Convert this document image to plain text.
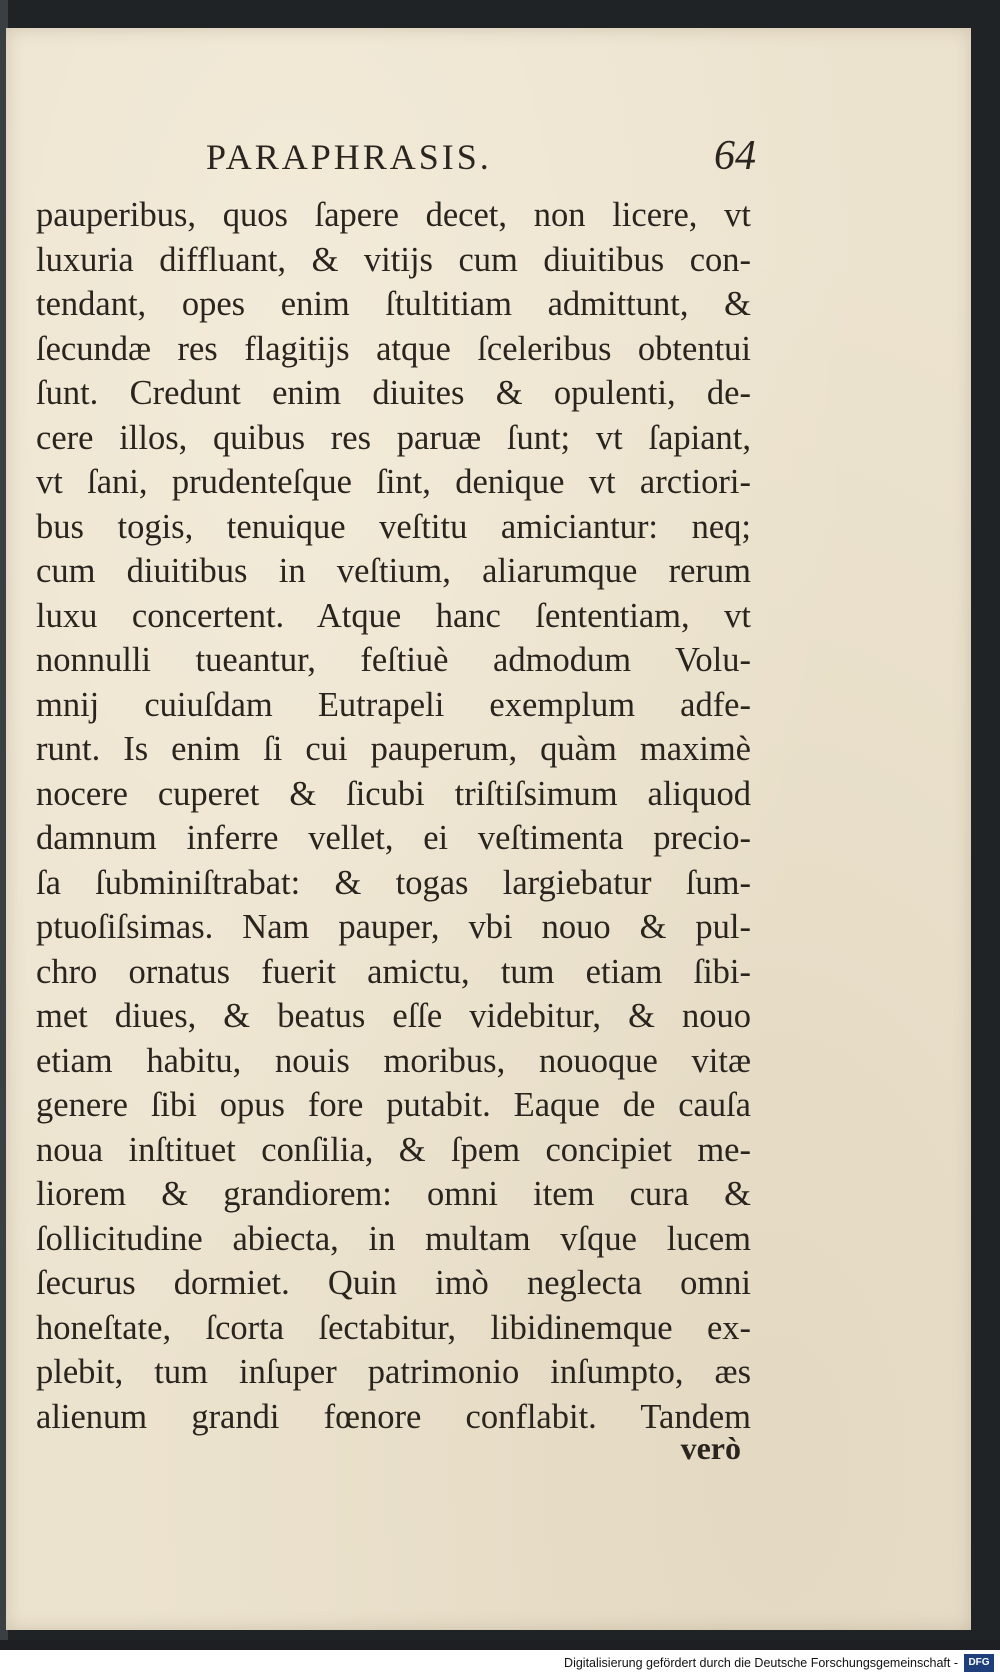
PARAPHRASIS.	64
pauperibus, quos ſapere decet, non licere, vt
luxuria diffluant, & vitijs cum diuitibus con-
tendant, opes enim ſtultitiam admittunt, &
ſecundæ res flagitijs atque ſceleribus obtentui
ſunt. Credunt enim diuites & opulenti, de-
cere illos, quibus res paruæ ſunt; vt ſapiant,
vt ſani, prudenteſque ſint, denique vt arctiori-
bus togis, tenuique veſtitu amiciantur: neq;
cum diuitibus in veſtium, aliarumque rerum
luxu concertent. Atque hanc ſententiam, vt
nonnulli tueantur, feſtiuè admodum Volu-
mnij cuiuſdam Eutrapeli exemplum adfe-
runt. Is enim ſi cui pauperum, quàm maximè
nocere cuperet & ſicubi triſtiſsimum aliquod
damnum inferre vellet, ei veſtimenta precio-
ſa ſubminiſtrabat: & togas largiebatur ſum-
ptuoſiſsimas. Nam pauper, vbi nouo & pul-
chro ornatus fuerit amictu, tum etiam ſibi-
met diues, & beatus eſſe videbitur, & nouo
etiam habitu, nouis moribus, nouoque vitæ
genere ſibi opus fore putabit. Eaque de cauſa
noua inſtituet conſilia, & ſpem concipiet me-
liorem & grandiorem: omni item cura &
ſollicitudine abiecta, in multam vſque lucem
ſecurus dormiet. Quin imò neglecta omni
honeſtate, ſcorta ſectabitur, libidinemque ex-
plebit, tum inſuper patrimonio inſumpto, æs
alienum grandi fœnore conflabit. Tandem
verò
Digitalisierung gefördert durch die Deutsche Forschungsgemeinschaft -	DFG
